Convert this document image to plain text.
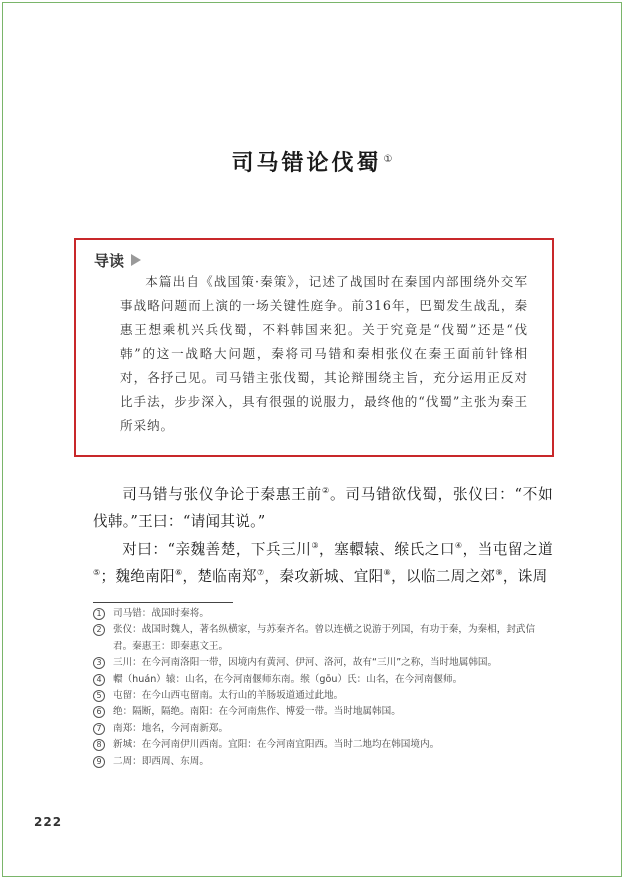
司马错论伐蜀 ①
导读

本篇出自《战国策·秦策》，记述了战国时在秦国内部围绕外交军事战略问题而上演的一场关键性庭争。前316年，巴蜀发生战乱，秦惠王想乘机兴兵伐蜀，不料韩国来犯。关于究竟是“伐蜀”还是“伐韩”的这一战略大问题，秦将司马错和秦相张仪在秦王面前针锋相对，各抒己见。司马错主张伐蜀，其论辩围绕主旨，充分运用正反对比手法，步步深入，具有很强的说服力，最终他的“伐蜀”主张为秦王所采纳。

司马错与张仪争论于秦惠王前②。司马错欲伐蜀，张仪曰：“不如伐韩。”王曰：“请闻其说。”

对曰：“亲魏善楚，下兵三川③，塞轘辕、缑氏之口④，当屯留之道⑤；魏绝南阳⑥，楚临南郑⑦，秦攻新城、宜阳⑧，以临二周之郊⑨，诛周

1	司马错：战国时秦将。
2	张仪：战国时魏人，著名纵横家，与苏秦齐名。曾以连横之说游于列国，有功于秦，为秦相，封武信君。秦惠王：即秦惠文王。
3	三川：在今河南洛阳一带，因境内有黄河、伊河、洛河，故有“三川”之称，当时地属韩国。
4	轘（huán）辕：山名，在今河南偃师东南。缑（gōu）氏：山名，在今河南偃师。
5	屯留：在今山西屯留南。太行山的羊肠坂道通过此地。
6	绝：隔断，隔绝。南阳：在今河南焦作、博爱一带。当时地属韩国。
7	南郑：地名，今河南新郑。
8	新城：在今河南伊川西南。宜阳：在今河南宜阳西。当时二地均在韩国境内。
9	二周：即西周、东周。
222
